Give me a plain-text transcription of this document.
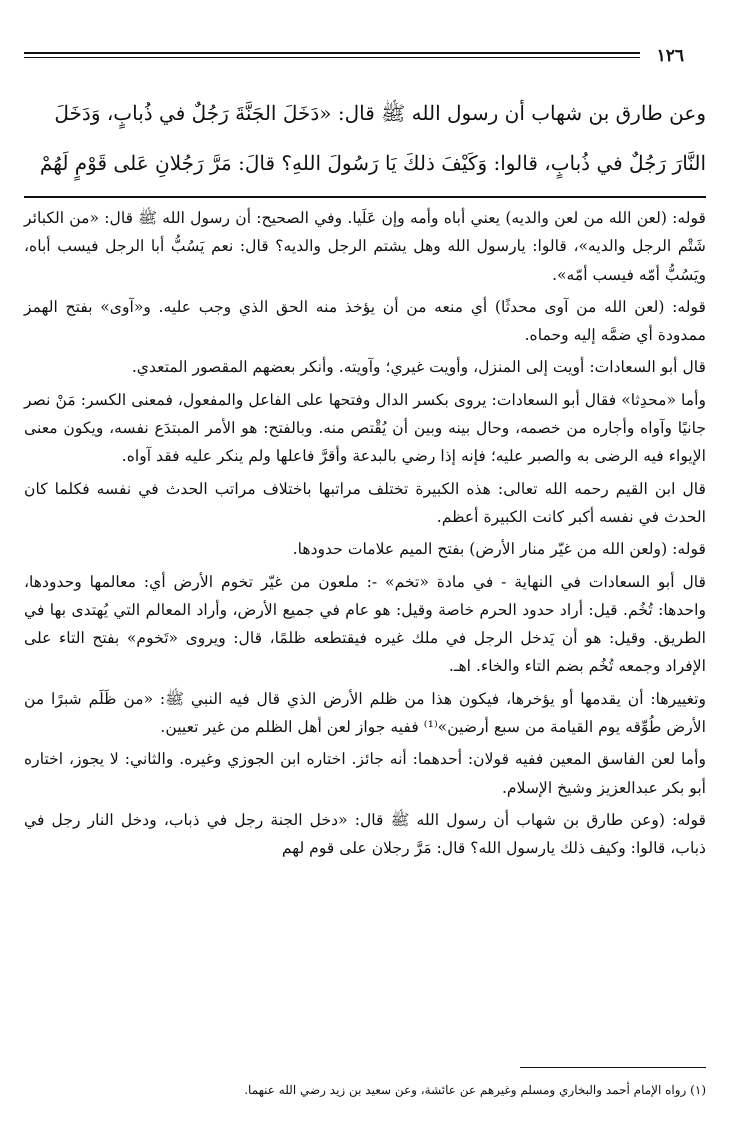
١٢٦

وعن طارق بن شهاب أن رسول الله ﷺ قال: «دَخَلَ الجَنَّةَ رَجُلٌ في ذُبابٍ، وَدَخَلَ

النَّارَ رَجُلٌ في ذُبابٍ، قالوا: وَكَيْفَ ذلكَ يَا رَسُولَ اللهِ؟ قالَ: مَرَّ رَجُلانِ عَلى قَوْمٍ لَهُمْ

قوله: (لعن الله من لعن والديه) يعني أباه وأمه وإن عَلَيا. وفي الصحيح: أن رسول الله ﷺ قال: «من الكبائر شَتْم الرجل والديه»، قالوا: يارسول الله وهل يشتم الرجل والديه؟ قال: نعم يَسُبُّ أبا الرجل فيسب أباه، ويَسُبُّ أمّه فيسب أمّه».

قوله: (لعن الله من آوى محدثًا) أي منعه من أن يؤخذ منه الحق الذي وجب عليه. و«آوى» بفتح الهمز ممدودة أي ضمَّه إليه وحماه.

قال أبو السعادات: أويت إلى المنزل، وأويت غيري؛ وآويته. وأنكر بعضهم المقصور المتعدي.

وأما «محدِثا» فقال أبو السعادات: يروى بكسر الدال وفتحها على الفاعل والمفعول، فمعنى الكسر: مَنْ نصر جانيًا وآواه وأجاره من خصمه، وحال بينه وبين أن يُقْتص منه. وبالفتح: هو الأمر المبتدَع نفسه، ويكون معنى الإيواء فيه الرضى به والصبر عليه؛ فإنه إذا رضي بالبدعة وأقرَّ فاعلها ولم ينكر عليه فقد آواه.

قال ابن القيم رحمه الله تعالى: هذه الكبيرة تختلف مراتبها باختلاف مراتب الحدث في نفسه فكلما كان الحدث في نفسه أكبر كانت الكبيرة أعظم.

قوله: (ولعن الله من غيّر منار الأرض) بفتح الميم علامات حدودها.

قال أبو السعادات في النهاية - في مادة «تخم» -: ملعون من غيّر تخوم الأرض أي: معالمها وحدودها، واحدها: تُخُم. قيل: أراد حدود الحرم خاصة وقيل: هو عام في جميع الأرض، وأراد المعالم التي يُهتدى بها في الطريق. وقيل: هو أن يَدخل الرجل في ملك غيره فيقتطعه ظلمًا، قال: ويروى «تَخوم» بفتح التاء على الإفراد وجمعه تُخُم بضم التاء والخاء. اهـ.

وتغييرها: أن يقدمها أو يؤخرها، فيكون هذا من ظلم الأرض الذي قال فيه النبي ﷺ: «من ظَلَم شبرًا من الأرض طُوِّقه يوم القيامة من سبع أرضين»⁽¹⁾ ففيه جواز لعن أهل الظلم من غير تعيين.

وأما لعن الفاسق المعين ففيه قولان: أحدهما: أنه جائز. اختاره ابن الجوزي وغيره. والثاني: لا يجوز، اختاره أبو بكر عبدالعزيز وشيخ الإسلام.

قوله: (وعن طارق بن شهاب أن رسول الله ﷺ قال: «دخل الجنة رجل في ذباب، ودخل النار رجل في ذباب، قالوا: وكيف ذلك يارسول الله؟ قال: مَرَّ رجلان على قوم لهم

(١) رواه الإمام أحمد والبخاري ومسلم وغيرهم عن عائشة، وعن سعيد بن زيد رضي الله عنهما.
